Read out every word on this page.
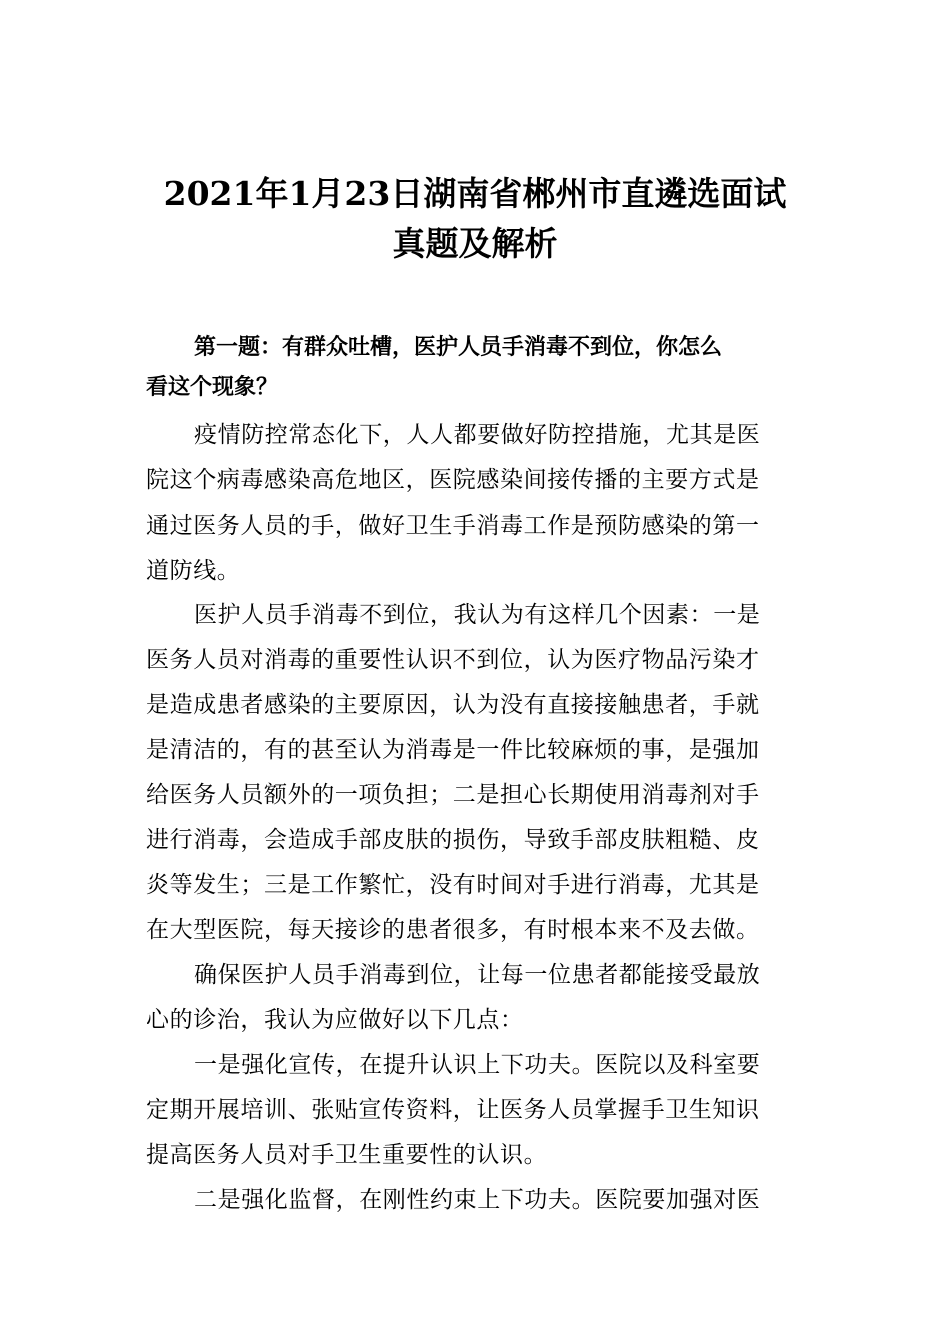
2021年1月23日湖南省郴州市直遴选面试
真题及解析

第一题：有群众吐槽，医护人员手消毒不到位，你怎么

看这个现象？

疫情防控常态化下，人人都要做好防控措施，尤其是医

院这个病毒感染高危地区，医院感染间接传播的主要方式是

通过医务人员的手，做好卫生手消毒工作是预防感染的第一

道防线。

医护人员手消毒不到位，我认为有这样几个因素：一是

医务人员对消毒的重要性认识不到位，认为医疗物品污染才

是造成患者感染的主要原因，认为没有直接接触患者，手就

是清洁的，有的甚至认为消毒是一件比较麻烦的事，是强加

给医务人员额外的一项负担；二是担心长期使用消毒剂对手

进行消毒，会造成手部皮肤的损伤，导致手部皮肤粗糙、皮

炎等发生；三是工作繁忙，没有时间对手进行消毒，尤其是

在大型医院，每天接诊的患者很多，有时根本来不及去做。

确保医护人员手消毒到位，让每一位患者都能接受最放

心的诊治，我认为应做好以下几点：

一是强化宣传，在提升认识上下功夫。医院以及科室要

定期开展培训、张贴宣传资料，让医务人员掌握手卫生知识

提高医务人员对手卫生重要性的认识。

二是强化监督，在刚性约束上下功夫。医院要加强对医
